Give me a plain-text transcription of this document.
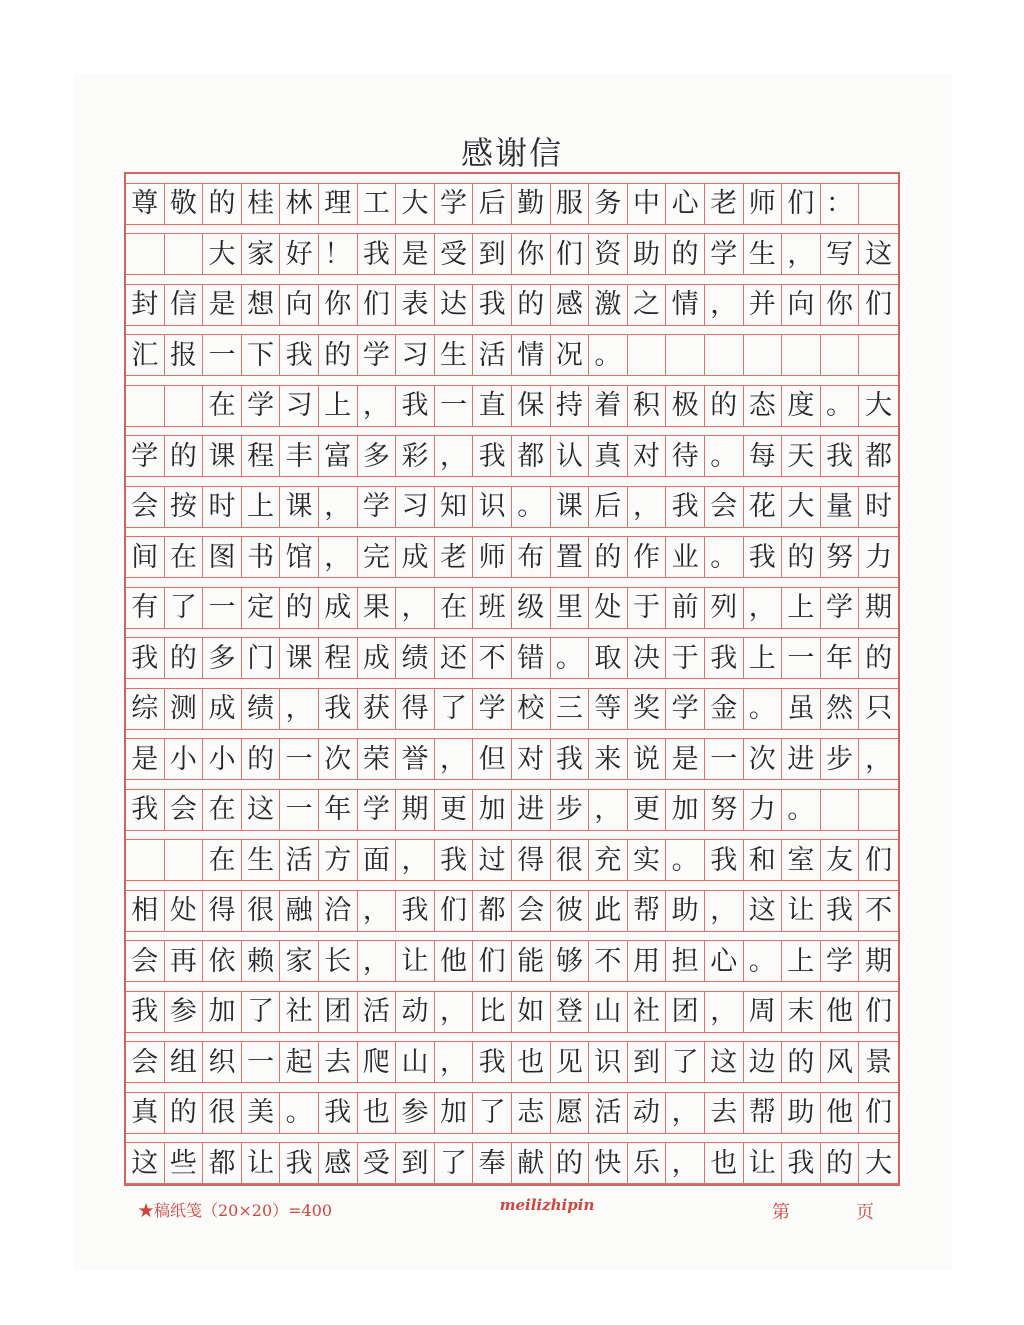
感谢信
尊 敬 的 桂 林 理 工 大 学 后 勤 服 务 中 心 老 师 们 ：
大 家 好 ！ 我 是 受 到 你 们 资 助 的 学 生 ， 写 这
封 信 是 想 向 你 们 表 达 我 的 感 激 之 情 ， 并 向 你 们
汇 报 一 下 我 的 学 习 生 活 情 况 。
在 学 习 上 ， 我 一 直 保 持 着 积 极 的 态 度 。 大
学 的 课 程 丰 富 多 彩 ， 我 都 认 真 对 待 。 每 天 我 都
会 按 时 上 课 ， 学 习 知 识 。 课 后 ， 我 会 花 大 量 时
间 在 图 书 馆 ， 完 成 老 师 布 置 的 作 业 。 我 的 努 力
有 了 一 定 的 成 果 ， 在 班 级 里 处 于 前 列 ， 上 学 期
我 的 多 门 课 程 成 绩 还 不 错 。 取 决 于 我 上 一 年 的
综 测 成 绩 ， 我 获 得 了 学 校 三 等 奖 学 金 。 虽 然 只
是 小 小 的 一 次 荣 誉 ， 但 对 我 来 说 是 一 次 进 步 ，
我 会 在 这 一 年 学 期 更 加 进 步 ， 更 加 努 力 。
在 生 活 方 面 ， 我 过 得 很 充 实 。 我 和 室 友 们
相 处 得 很 融 洽 ， 我 们 都 会 彼 此 帮 助 ， 这 让 我 不
会 再 依 赖 家 长 ， 让 他 们 能 够 不 用 担 心 。 上 学 期
我 参 加 了 社 团 活 动 ， 比 如 登 山 社 团 ， 周 末 他 们
会 组 织 一 起 去 爬 山 ， 我 也 见 识 到 了 这 边 的 风 景
真 的 很 美 。 我 也 参 加 了 志 愿 活 动 ， 去 帮 助 他 们
这 些 都 让 我 感 受 到 了 奉 献 的 快 乐 ， 也 让 我 的 大
★稿纸笺（20×20）=400	meilizhipin	第	页
